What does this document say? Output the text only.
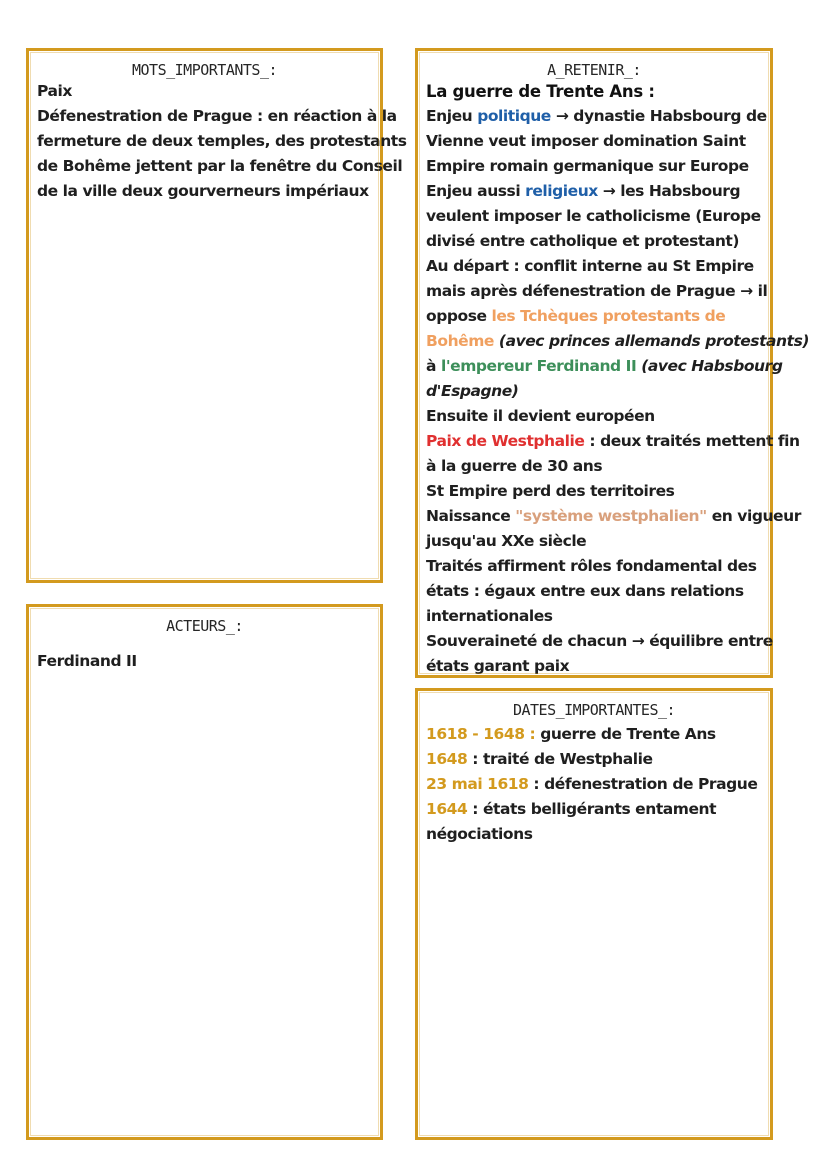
MOTS_IMPORTANTS_:
Paix
Défenestration de Prague : en réaction à la
fermeture de deux temples, des protestants
de Bohême jettent par la fenêtre du Conseil
de la ville deux gourverneurs impériaux
ACTEURS_:
Ferdinand II
A_RETENIR_:
La guerre de Trente Ans :
Enjeu politique → dynastie Habsbourg de
Vienne veut imposer domination Saint
Empire romain germanique sur Europe
Enjeu aussi religieux → les Habsbourg
veulent imposer le catholicisme (Europe
divisé entre catholique et protestant)
Au départ : conflit interne au St Empire
mais après défenestration de Prague → il
oppose les Tchèques protestants de
Bohême (avec princes allemands protestants)
à l'empereur Ferdinand II (avec Habsbourg
d'Espagne)
Ensuite il devient européen
Paix de Westphalie : deux traités mettent fin
à la guerre de 30 ans
St Empire perd des territoires
Naissance "système westphalien" en vigueur
jusqu'au XXe siècle
Traités affirment rôles fondamental des
états : égaux entre eux dans relations
internationales
Souveraineté de chacun → équilibre entre
états garant paix
DATES_IMPORTANTES_:
1618 - 1648 : guerre de Trente Ans
1648 : traité de Westphalie
23 mai 1618 : défenestration de Prague
1644 : états belligérants entament
négociations
